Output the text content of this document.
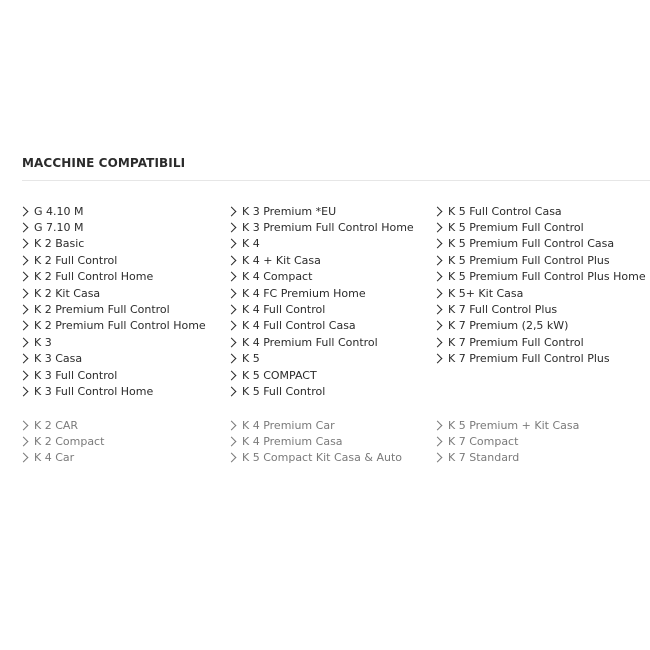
MACCHINE COMPATIBILI
G 4.10 M
G 7.10 M
K 2 Basic
K 2 Full Control
K 2 Full Control Home
K 2 Kit Casa
K 2 Premium Full Control
K 2 Premium Full Control Home
K 3
K 3 Casa
K 3 Full Control
K 3 Full Control Home
K 3 Premium *EU
K 3 Premium Full Control Home
K 4
K 4 + Kit Casa
K 4 Compact
K 4 FC Premium Home
K 4 Full Control
K 4 Full Control Casa
K 4 Premium Full Control
K 5
K 5 COMPACT
K 5 Full Control
K 5 Full Control Casa
K 5 Premium Full Control
K 5 Premium Full Control Casa
K 5 Premium Full Control Plus
K 5 Premium Full Control Plus Home
K 5+ Kit Casa
K 7 Full Control Plus
K 7 Premium (2,5 kW)
K 7 Premium Full Control
K 7 Premium Full Control Plus
K 2 CAR
K 2 Compact
K 4 Car
K 4 Premium Car
K 4 Premium Casa
K 5 Compact Kit Casa & Auto
K 5 Premium + Kit Casa
K 7 Compact
K 7 Standard
